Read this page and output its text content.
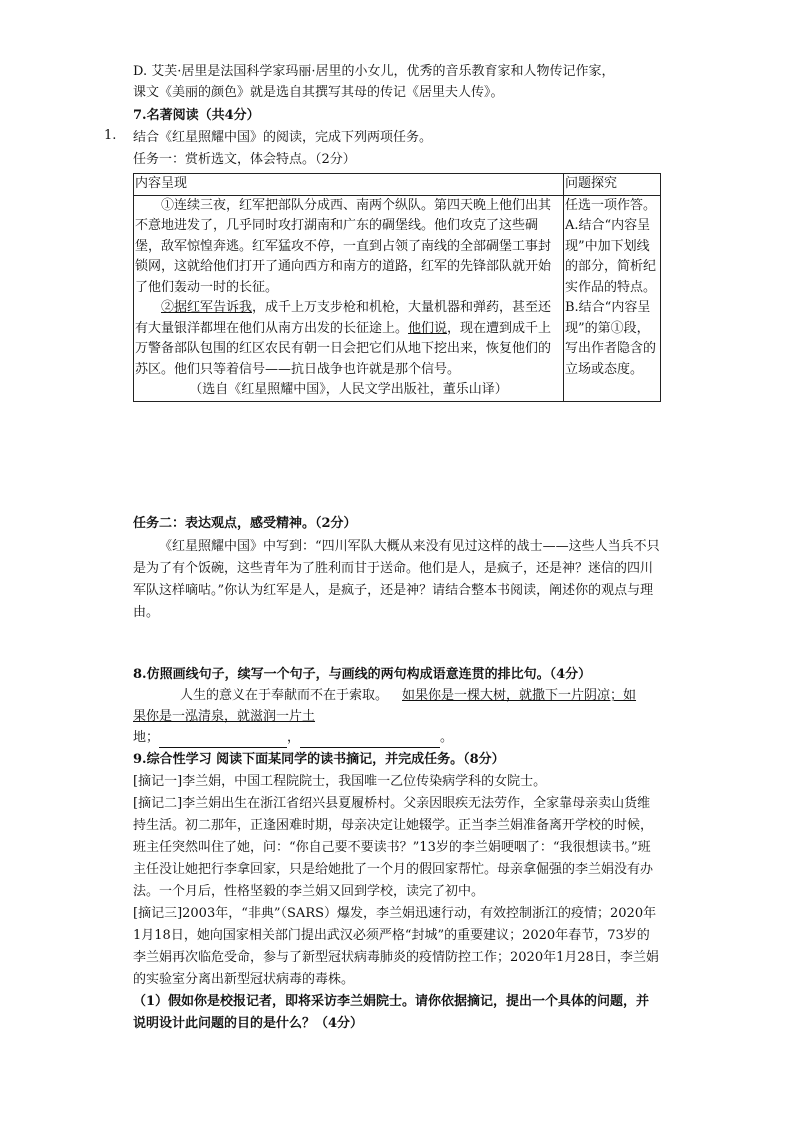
D. 艾芙·居里是法国科学家玛丽·居里的小女儿，优秀的音乐教育家和人物传记作家，
课文《美丽的颜色》就是选自其撰写其母的传记《居里夫人传》。
7.名著阅读（共4分）
1. 结合《红星照耀中国》的阅读，完成下列两项任务。
任务一：赏析选文，体会特点。（2分）
内容呈现	问题探究

①连续三夜，红军把部队分成西、南两个纵队。第四天晚上他们出其不意地进发了，几乎同时攻打湖南和广东的碉堡线。他们攻克了这些碉堡，敌军惊惶奔逃。红军猛攻不停，一直到占领了南线的全部碉堡工事封锁网，这就给他们打开了通向西方和南方的道路，红军的先锋部队就开始了他们轰动一时的长征。
②据红军告诉我，成千上万支步枪和机枪，大量机器和弹药，甚至还有大量银洋都埋在他们从南方出发的长征途上。他们说，现在遭到成千上万警备部队包围的红区农民有朝一日会把它们从地下挖出来，恢复他们的苏区。他们只等着信号——抗日战争也许就是那个信号。
（选自《红星照耀中国》，人民文学出版社，董乐山译）	任选一项作答。A.结合“内容呈现”中加下划线的部分，简析纪实作品的特点。B.结合“内容呈现”的第①段，写出作者隐含的立场或态度。
任务二：表达观点，感受精神。（2分）
《红星照耀中国》中写到：“四川军队大概从来没有见过这样的战士——这些人当兵不只是为了有个饭碗，这些青年为了胜利而甘于送命。他们是人，是疯子，还是神？迷信的四川军队这样嘀咕。”你认为红军是人，是疯子，还是神？请结合整本书阅读，阐述你的观点与理由。
8.仿照画线句子，续写一个句子，与画线的两句构成语意连贯的排比句。（4分）
人生的意义在于奉献而不在于索取。 如果你是一棵大树，就撒下一片阴凉；如
果你是一泓清泉，就滋润一片土
地；	，	。
9.综合性学习 阅读下面某同学的读书摘记，并完成任务。（8分）
[摘记一]李兰娟，中国工程院院士，我国唯一乙位传染病学科的女院士。
[摘记二]李兰娟出生在浙江省绍兴县夏履桥村。父亲因眼疾无法劳作，全家靠母亲卖山货维持生活。初二那年，正逢困难时期，母亲决定让她辍学。正当李兰娟准备离开学校的时候，班主任突然叫住了她，问：“你自己要不要读书？”13岁的李兰娟哽咽了：“我很想读书。”班主任没让她把行李拿回家，只是给她批了一个月的假回家帮忙。母亲拿倔强的李兰娟没有办法。一个月后，性格坚毅的李兰娟又回到学校，读完了初中。
[摘记三]2003年，“非典”（SARS）爆发，李兰娟迅速行动，有效控制浙江的疫情；2020年1月18日，她向国家相关部门提出武汉必须严格“封城”的重要建议；2020年春节，73岁的李兰娟再次临危受命，参与了新型冠状病毒肺炎的疫情防控工作；2020年1月28日，李兰娟的实验室分离出新型冠状病毒的毒株。
（1）假如你是校报记者，即将采访李兰娟院士。请你依据摘记，提出一个具体的问题，并说明设计此问题的目的是什么？（4分）
